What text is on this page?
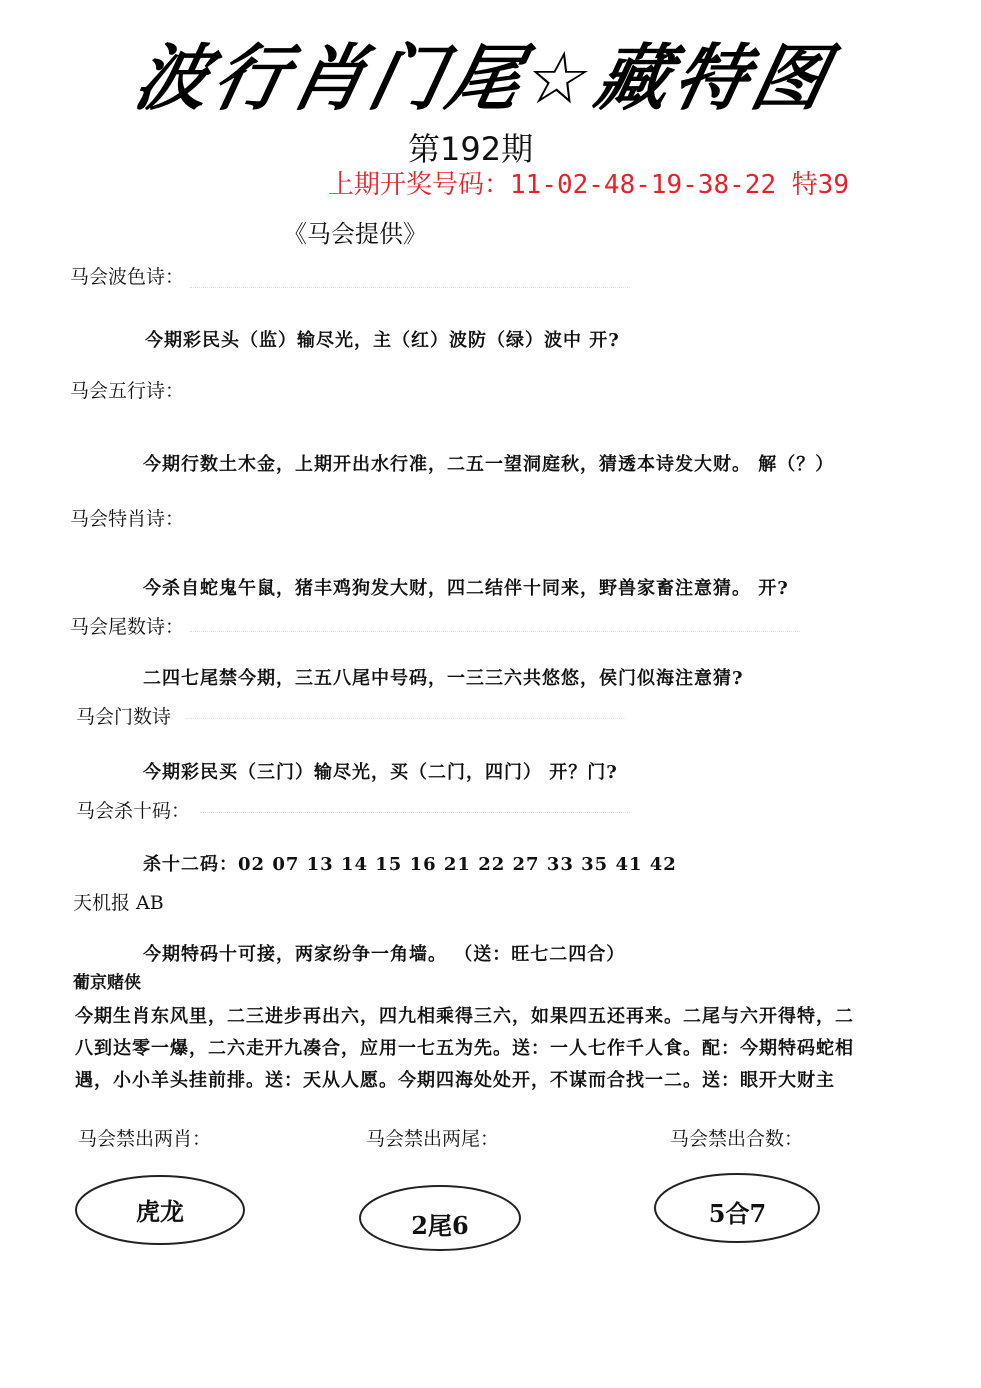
波行肖门尾☆藏特图
第192期
上期开奖号码：11-02-48-19-38-22 特39
《马会提供》
马会波色诗：
今期彩民头（监）输尽光，主（红）波防（绿）波中 开?
马会五行诗：
今期行数土木金，上期开出水行准，二五一望洞庭秋，猜透本诗发大财。 解（？）
马会特肖诗：
今杀自蛇鬼午鼠，猪丰鸡狗发大财，四二结伴十同来，野兽家畜注意猜。 开?
马会尾数诗：
二四七尾禁今期，三五八尾中号码，一三三六共悠悠，侯门似海注意猜?
马会门数诗
今期彩民买（三门）输尽光，买（二门，四门） 开？门?
马会杀十码：
杀十二码：02 07 13 14 15 16 21 22 27 33 35 41 42
天机报 AB
今期特码十可接，两家纷争一角墙。 （送：旺七二四合）
葡京赌侠
今期生肖东风里，二三进步再出六，四九相乘得三六，如果四五还再来。二尾与六开得特，二
八到达零一爆，二六走开九凑合，应用一七五为先。送：一人七作千人食。配：今期特码蛇相
遇，小小羊头挂前排。送：天从人愿。今期四海处处开，不谋而合找一二。送：眼开大财主
马会禁出两肖：	马会禁出两尾：	马会禁出合数：
虎龙	2尾6	5合7
